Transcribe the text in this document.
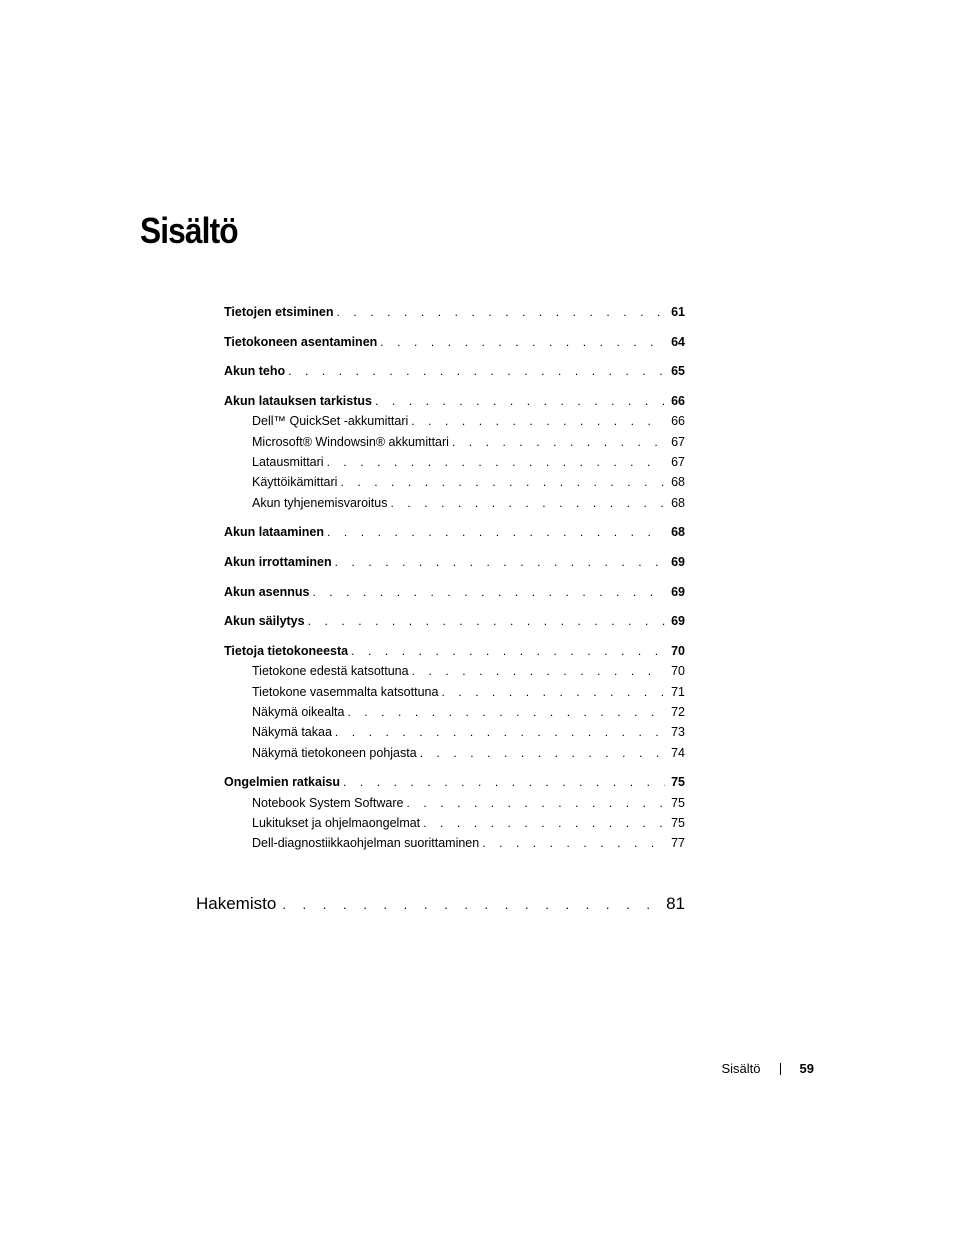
Sisältö
Tietojen etsiminen . . .	61
Tietokoneen asentaminen . . .	64
Akun teho . . .	65
Akun latauksen tarkistus . . .	66
Dell™ QuickSet -akkumittari . . .	66
Microsoft® Windowsin® akkumittari . . .	67
Latausmittari . . .	67
Käyttöikämittari . . .	68
Akun tyhjenemisvaroitus . . .	68
Akun lataaminen . . .	68
Akun irrottaminen . . .	69
Akun asennus . . .	69
Akun säilytys . . .	69
Tietoja tietokoneesta . . .	70
Tietokone edestä katsottuna . . .	70
Tietokone vasemmalta katsottuna . . .	71
Näkymä oikealta . . .	72
Näkymä takaa . . .	73
Näkymä tietokoneen pohjasta . . .	74
Ongelmien ratkaisu . . .	75
Notebook System Software . . .	75
Lukitukset ja ohjelmaongelmat . . .	75
Dell-diagnostiikkaohjelman suorittaminen . . .	77
Hakemisto . . .	81
Sisältö	59
